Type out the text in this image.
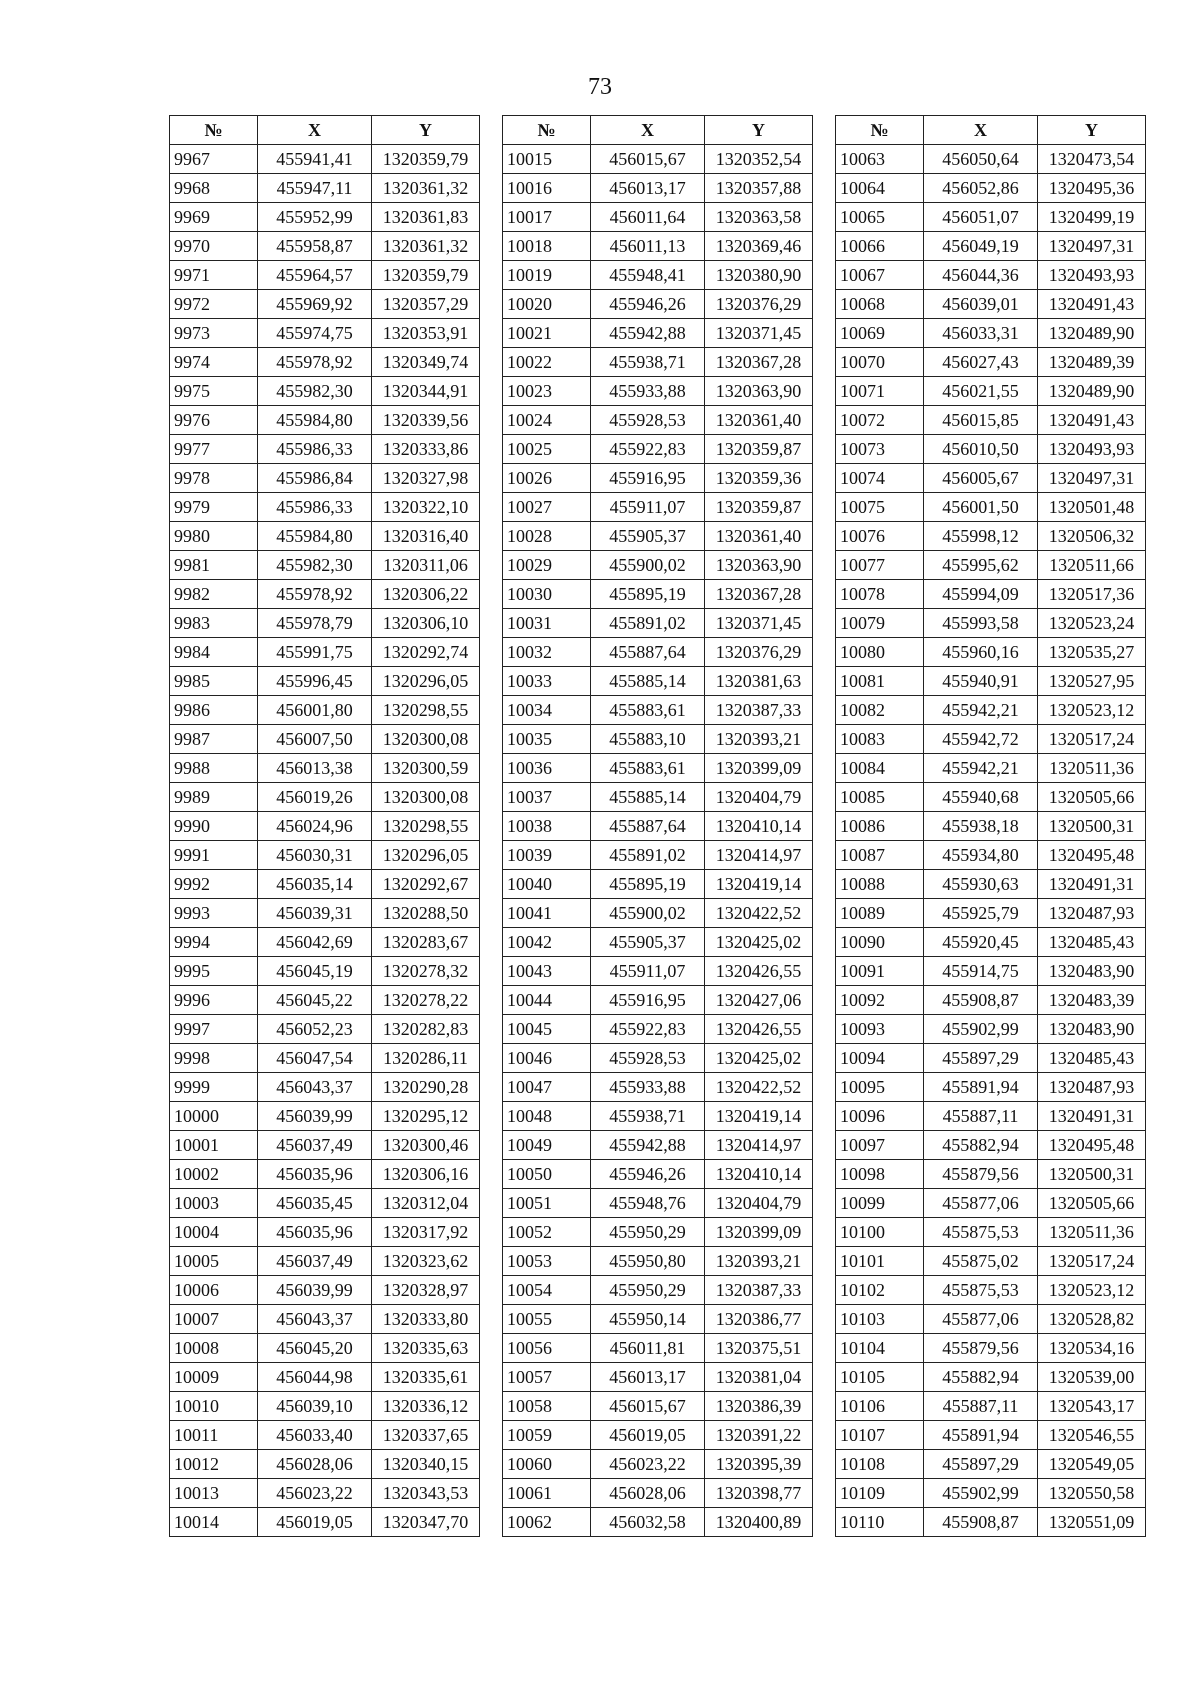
73
№	X	Y
9967	455941,41	1320359,79
9968	455947,11	1320361,32
9969	455952,99	1320361,83
9970	455958,87	1320361,32
9971	455964,57	1320359,79
9972	455969,92	1320357,29
9973	455974,75	1320353,91
9974	455978,92	1320349,74
9975	455982,30	1320344,91
9976	455984,80	1320339,56
9977	455986,33	1320333,86
9978	455986,84	1320327,98
9979	455986,33	1320322,10
9980	455984,80	1320316,40
9981	455982,30	1320311,06
9982	455978,92	1320306,22
9983	455978,79	1320306,10
9984	455991,75	1320292,74
9985	455996,45	1320296,05
9986	456001,80	1320298,55
9987	456007,50	1320300,08
9988	456013,38	1320300,59
9989	456019,26	1320300,08
9990	456024,96	1320298,55
9991	456030,31	1320296,05
9992	456035,14	1320292,67
9993	456039,31	1320288,50
9994	456042,69	1320283,67
9995	456045,19	1320278,32
9996	456045,22	1320278,22
9997	456052,23	1320282,83
9998	456047,54	1320286,11
9999	456043,37	1320290,28
10000	456039,99	1320295,12
10001	456037,49	1320300,46
10002	456035,96	1320306,16
10003	456035,45	1320312,04
10004	456035,96	1320317,92
10005	456037,49	1320323,62
10006	456039,99	1320328,97
10007	456043,37	1320333,80
10008	456045,20	1320335,63
10009	456044,98	1320335,61
10010	456039,10	1320336,12
10011	456033,40	1320337,65
10012	456028,06	1320340,15
10013	456023,22	1320343,53
10014	456019,05	1320347,70
№	X	Y
10015	456015,67	1320352,54
10016	456013,17	1320357,88
10017	456011,64	1320363,58
10018	456011,13	1320369,46
10019	455948,41	1320380,90
10020	455946,26	1320376,29
10021	455942,88	1320371,45
10022	455938,71	1320367,28
10023	455933,88	1320363,90
10024	455928,53	1320361,40
10025	455922,83	1320359,87
10026	455916,95	1320359,36
10027	455911,07	1320359,87
10028	455905,37	1320361,40
10029	455900,02	1320363,90
10030	455895,19	1320367,28
10031	455891,02	1320371,45
10032	455887,64	1320376,29
10033	455885,14	1320381,63
10034	455883,61	1320387,33
10035	455883,10	1320393,21
10036	455883,61	1320399,09
10037	455885,14	1320404,79
10038	455887,64	1320410,14
10039	455891,02	1320414,97
10040	455895,19	1320419,14
10041	455900,02	1320422,52
10042	455905,37	1320425,02
10043	455911,07	1320426,55
10044	455916,95	1320427,06
10045	455922,83	1320426,55
10046	455928,53	1320425,02
10047	455933,88	1320422,52
10048	455938,71	1320419,14
10049	455942,88	1320414,97
10050	455946,26	1320410,14
10051	455948,76	1320404,79
10052	455950,29	1320399,09
10053	455950,80	1320393,21
10054	455950,29	1320387,33
10055	455950,14	1320386,77
10056	456011,81	1320375,51
10057	456013,17	1320381,04
10058	456015,67	1320386,39
10059	456019,05	1320391,22
10060	456023,22	1320395,39
10061	456028,06	1320398,77
10062	456032,58	1320400,89
№	X	Y
10063	456050,64	1320473,54
10064	456052,86	1320495,36
10065	456051,07	1320499,19
10066	456049,19	1320497,31
10067	456044,36	1320493,93
10068	456039,01	1320491,43
10069	456033,31	1320489,90
10070	456027,43	1320489,39
10071	456021,55	1320489,90
10072	456015,85	1320491,43
10073	456010,50	1320493,93
10074	456005,67	1320497,31
10075	456001,50	1320501,48
10076	455998,12	1320506,32
10077	455995,62	1320511,66
10078	455994,09	1320517,36
10079	455993,58	1320523,24
10080	455960,16	1320535,27
10081	455940,91	1320527,95
10082	455942,21	1320523,12
10083	455942,72	1320517,24
10084	455942,21	1320511,36
10085	455940,68	1320505,66
10086	455938,18	1320500,31
10087	455934,80	1320495,48
10088	455930,63	1320491,31
10089	455925,79	1320487,93
10090	455920,45	1320485,43
10091	455914,75	1320483,90
10092	455908,87	1320483,39
10093	455902,99	1320483,90
10094	455897,29	1320485,43
10095	455891,94	1320487,93
10096	455887,11	1320491,31
10097	455882,94	1320495,48
10098	455879,56	1320500,31
10099	455877,06	1320505,66
10100	455875,53	1320511,36
10101	455875,02	1320517,24
10102	455875,53	1320523,12
10103	455877,06	1320528,82
10104	455879,56	1320534,16
10105	455882,94	1320539,00
10106	455887,11	1320543,17
10107	455891,94	1320546,55
10108	455897,29	1320549,05
10109	455902,99	1320550,58
10110	455908,87	1320551,09
